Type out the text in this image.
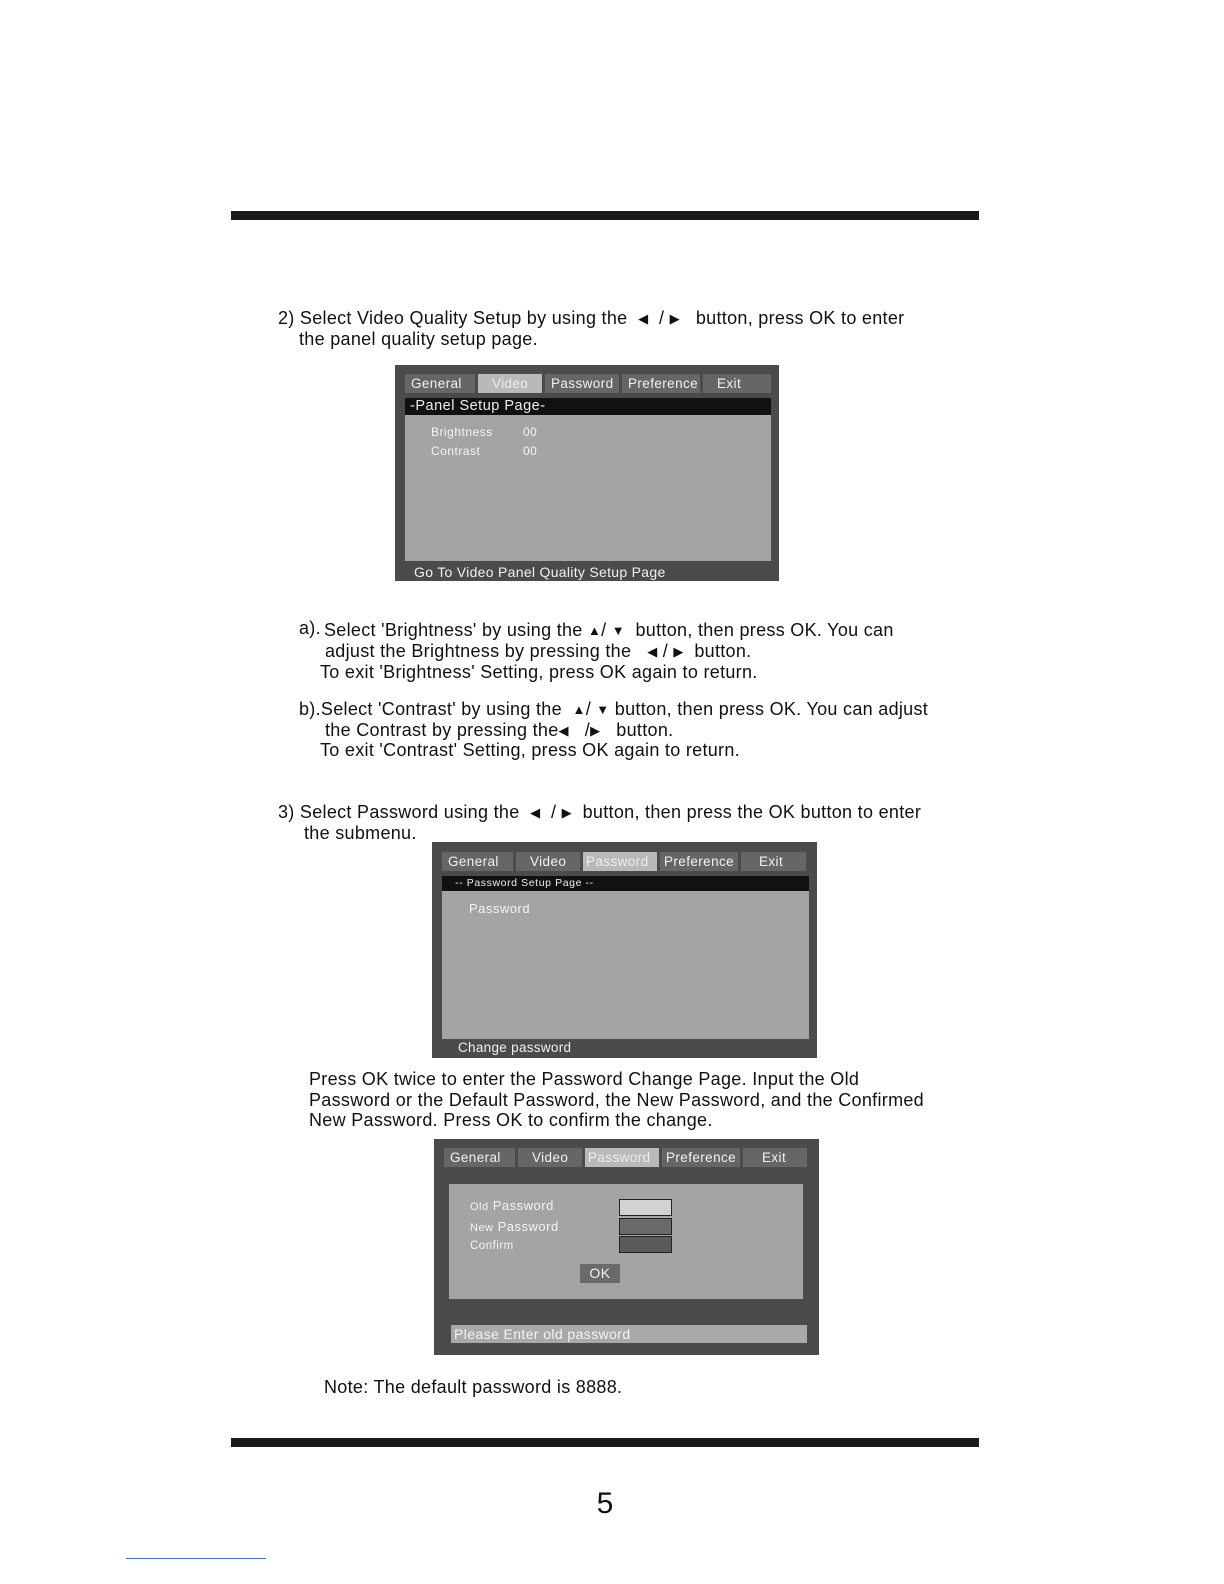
2) Select Video Quality Setup by using the ◀  / ▶ button, press OK to enter
the panel quality setup page.
General	Video	Password	Preference	Exit
-Panel Setup Page-
Brightness	00
Contrast	00
Go To Video Panel Quality Setup Page
a). Select 'Brightness' by using the ▲/ ▼ button, then press OK. You can
adjust the Brightness by pressing the ◀ / ▶ button.
To exit 'Brightness' Setting, press OK again to return.
b).Select 'Contrast' by using the ▲/ ▼ button, then press OK. You can adjust
the Contrast by pressing the◀   /▶ button.
To exit 'Contrast' Setting, press OK again to return.
3) Select Password using the ◀  / ▶ button, then press the OK button to enter
the submenu.
General	Video	Password	Preference	Exit
-- Password Setup Page --
Password
Change password
Press OK twice to enter the Password Change Page. Input the Old
Password or the Default Password, the New Password, and the Confirmed
New Password. Press OK to confirm the change.
General	Video	Password	Preference	Exit
Old Password
New Password
Confirm
OK
Please Enter old password
Note: The default password is 8888.
5
